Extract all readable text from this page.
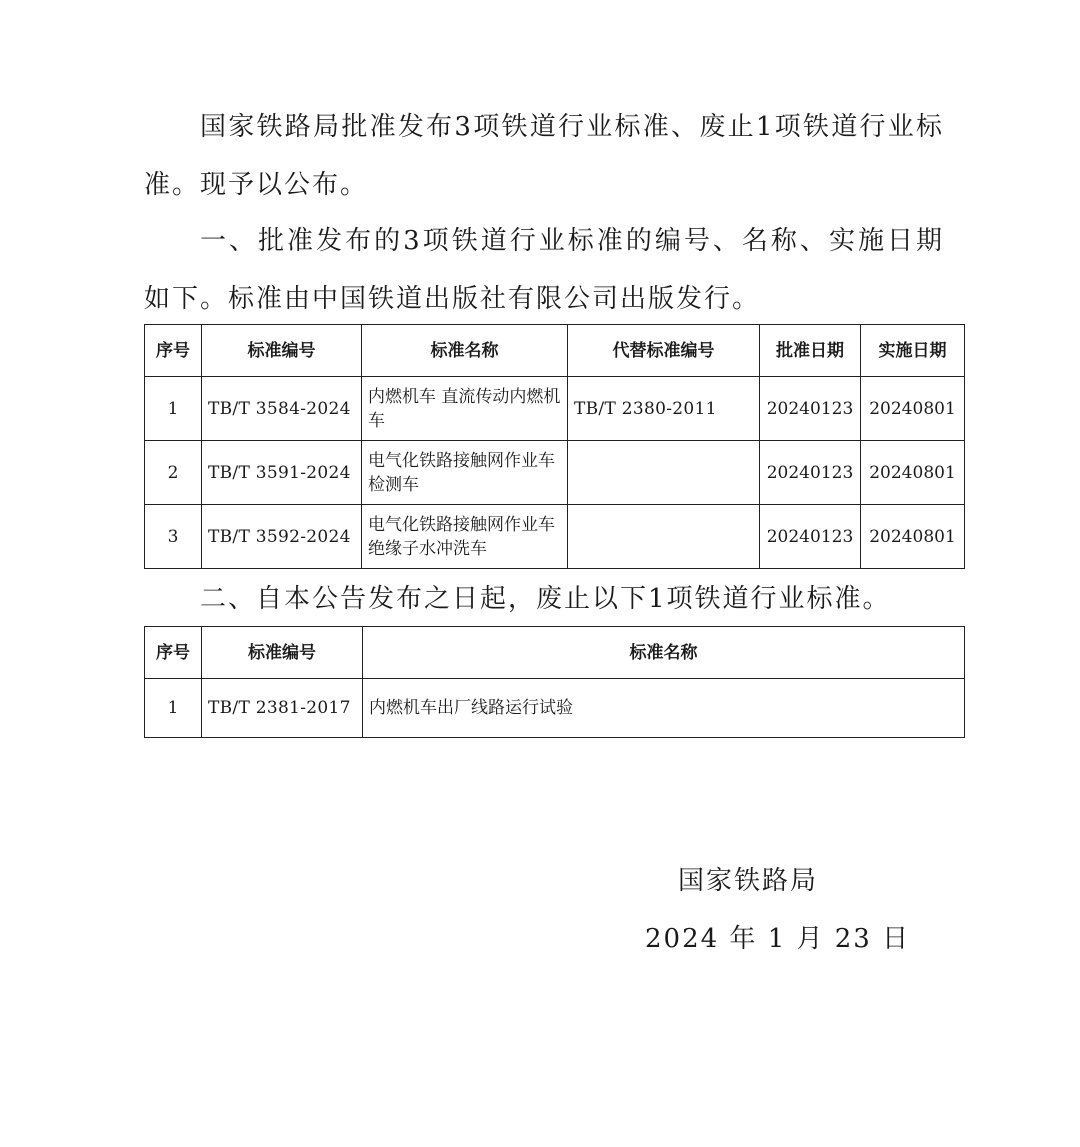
国家铁路局批准发布3项铁道行业标准、废止1项铁道行业标准。现予以公布。

一、批准发布的3项铁道行业标准的编号、名称、实施日期如下。标准由中国铁道出版社有限公司出版发行。

序号	标准编号	标准名称	代替标准编号	批准日期	实施日期
1	TB/T 3584-2024	内燃机车 直流传动内燃机车	TB/T 2380-2011	20240123	20240801
2	TB/T 3591-2024	电气化铁路接触网作业车 检测车		20240123	20240801
3	TB/T 3592-2024	电气化铁路接触网作业车 绝缘子水冲洗车		20240123	20240801

二、自本公告发布之日起，废止以下1项铁道行业标准。

序号	标准编号	标准名称
1	TB/T 2381-2017	内燃机车出厂线路运行试验

国家铁路局

2024 年 1 月 23 日
